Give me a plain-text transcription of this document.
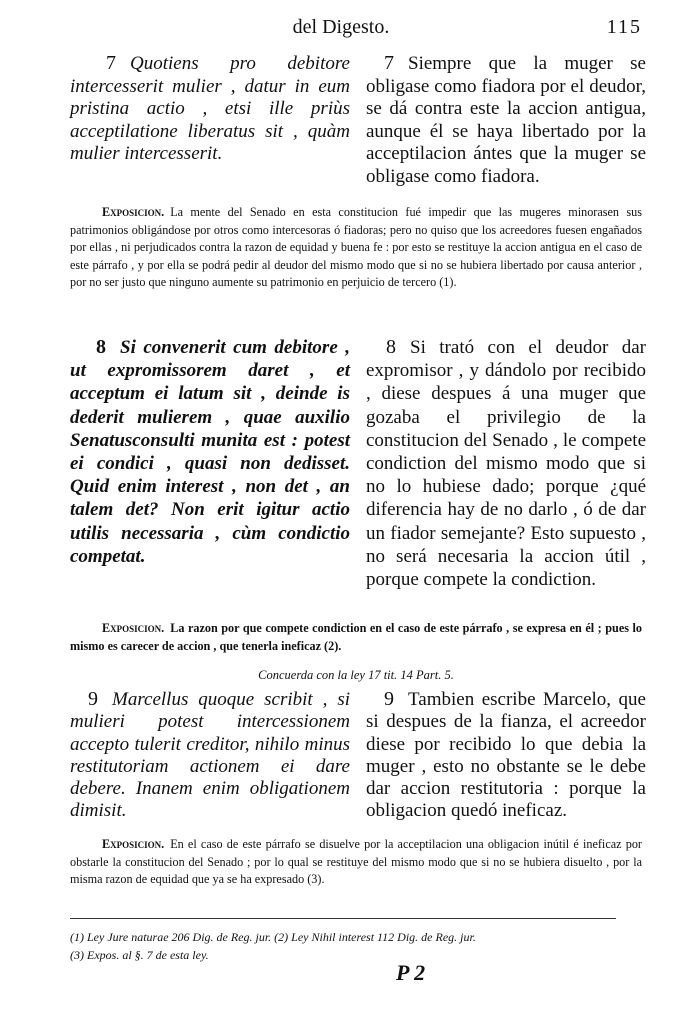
del Digesto.	115

7 Quotiens pro debitore intercesserit mulier , datur in eum pristina actio , etsi ille priùs acceptilatione liberatus sit , quàm mulier intercesserit.

7 Siempre que la muger se obligase como fiadora por el deudor, se dá contra este la accion antigua, aunque él se haya libertado por la acceptilacion ántes que la muger se obligase como fiadora.

Exposicion. La mente del Senado en esta constitucion fué impedir que las mugeres minorasen sus patrimonios obligándose por otros como intercesoras ó fiadoras; pero no quiso que los acreedores fuesen engañados por ellas , ni perjudicados contra la razon de equidad y buena fe : por esto se restituye la accion antigua en el caso de este párrafo , y por ella se podrá pedir al deudor del mismo modo que si no se hubiera libertado por causa anterior , por no ser justo que ninguno aumente su patrimonio en perjuicio de tercero (1).

8 Si convenerit cum debitore , ut expromissorem daret , et acceptum ei latum sit , deinde is dederit mulierem , quae auxilio Senatusconsulti munita est : potest ei condici , quasi non dedisset. Quid enim interest , non det , an talem det? Non erit igitur actio utilis necessaria , cùm condictio competat.

8 Si trató con el deudor dar expromisor , y dándolo por recibido , diese despues á una muger que gozaba el privilegio de la constitucion del Senado , le compete condiction del mismo modo que si no lo hubiese dado; porque ¿qué diferencia hay de no darlo , ó de dar un fiador semejante? Esto supuesto , no será necesaria la accion útil , porque compete la condiction.

Exposicion. La razon por que compete condiction en el caso de este párrafo , se expresa en él ; pues lo mismo es carecer de accion , que tenerla ineficaz (2).

Concuerda con la ley 17 tit. 14 Part. 5.

9 Marcellus quoque scribit , si mulieri potest intercessionem accepto tulerit creditor, nihilo minus restitutoriam actionem ei dare debere. Inanem enim obligationem dimisit.

9 Tambien escribe Marcelo, que si despues de la fianza, el acreedor diese por recibido lo que debia la muger , esto no obstante se le debe dar accion restitutoria : porque la obligacion quedó ineficaz.

Exposicion. En el caso de este párrafo se disuelve por la acceptilacion una obligacion inútil é ineficaz por obstarle la constitucion del Senado ; por lo qual se restituye del mismo modo que si no se hubiera disuelto , por la misma razon de equidad que ya se ha expresado (3).

(1) Ley Jure naturae 206 Dig. de Reg. jur. (2) Ley Nihil interest 112 Dig. de Reg. jur.
(3) Expos. al §. 7 de esta ley.

P 2
